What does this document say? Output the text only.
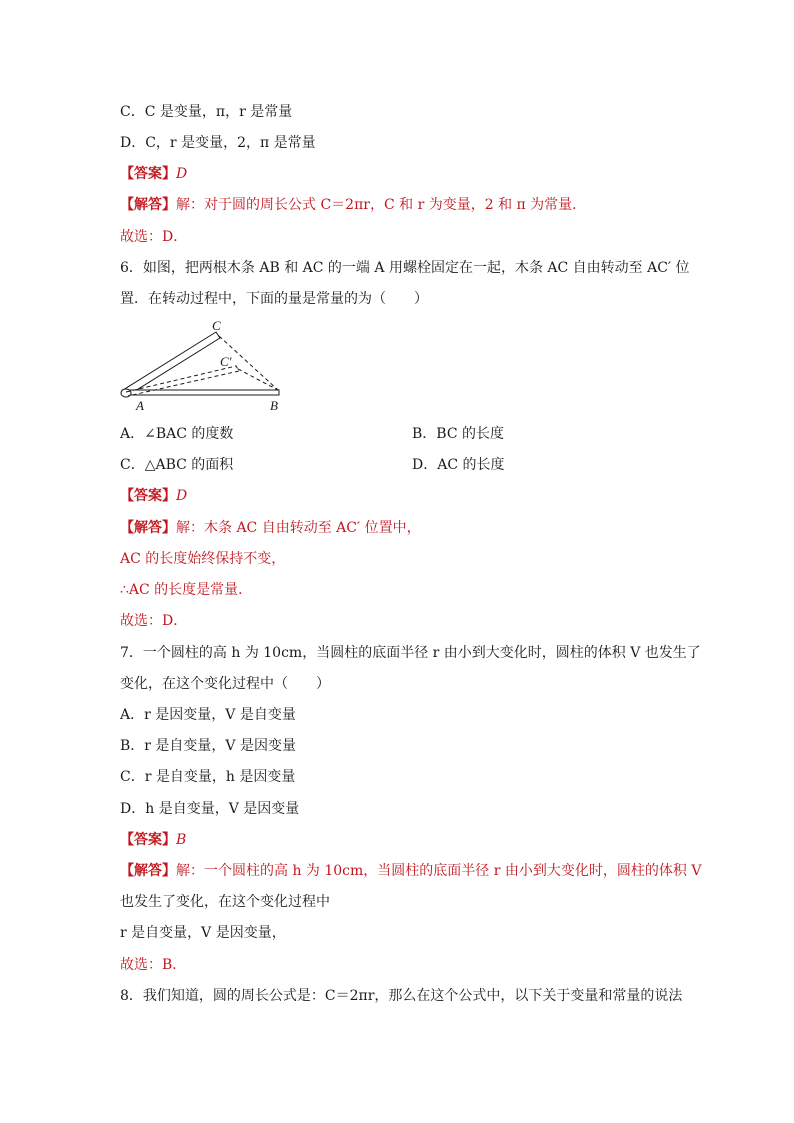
C．C 是变量，π，r 是常量
D．C，r 是变量，2，π 是常量
【答案】D
【解答】解：对于圆的周长公式 C＝2πr，C 和 r 为变量，2 和 π 为常量．
故选：D．
6．如图，把两根木条 AB 和 AC 的一端 A 用螺栓固定在一起，木条 AC 自由转动至 AC′ 位
置．在转动过程中，下面的量是常量的为（　　）
C
C′
A	B
A．∠BAC 的度数	B．BC 的长度
C．△ABC 的面积	D．AC 的长度
【答案】D
【解答】解：木条 AC 自由转动至 AC′ 位置中，
AC 的长度始终保持不变，
∴AC 的长度是常量．
故选：D．
7．一个圆柱的高 h 为 10cm，当圆柱的底面半径 r 由小到大变化时，圆柱的体积 V 也发生了
变化，在这个变化过程中（　　）
A．r 是因变量，V 是自变量
B．r 是自变量，V 是因变量
C．r 是自变量，h 是因变量
D．h 是自变量，V 是因变量
【答案】B
【解答】解：一个圆柱的高 h 为 10cm，当圆柱的底面半径 r 由小到大变化时，圆柱的体积 V
也发生了变化，在这个变化过程中
r 是自变量，V 是因变量，
故选：B．
8．我们知道，圆的周长公式是：C＝2πr，那么在这个公式中，以下关于变量和常量的说法
